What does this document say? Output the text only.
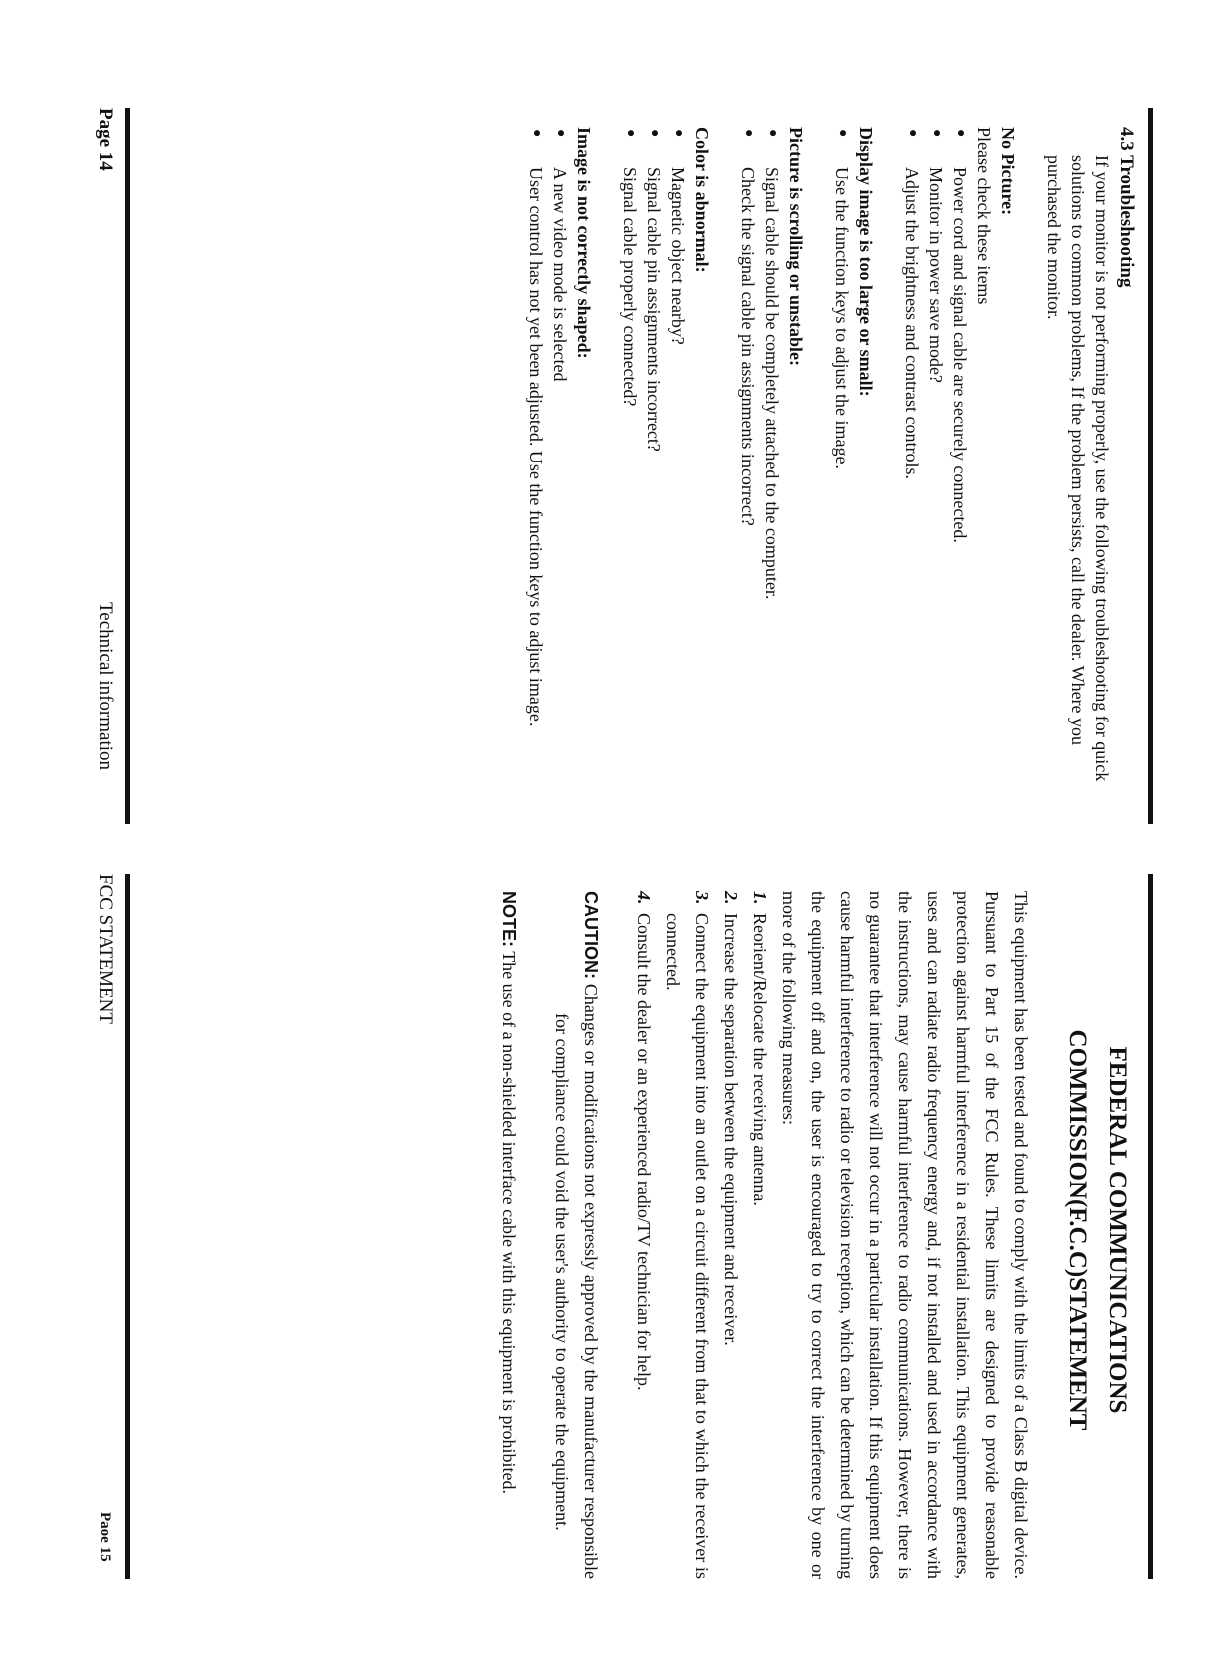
4.3 Troubleshooting
If your monitor is not performing properly, use the following troubleshooting for quick solutions to common problems, If the problem persists, call the dealer. Where you purchased the monitor.
No Picture:
Please check these items
● Power cord and signal cable are securely connected.
● Monitor in power save mode?
● Adjust the brightness and contrast controls.
Display image is too large or small:
● Use the function keys to adjust the image.
Picture is scrolling or unstable:
● Signal cable should be completely attached to the computer.
● Check the signal cable pin assignments incorrect?
Color is abnormal:
● Magnetic object nearby?
● Signal cable pin assignments incorrect?
● Signal cable properly connected?
Image is not correctly shaped:
● A new video mode is selected
● User control has not yet been adjusted. Use the function keys to adjust image.
Page 14
Technical information
FEDERAL COMMUNICATIONS
COMMISSION(F.C.C)STATEMENT
This equipment has been tested and found to comply with the limits of a Class B digital device. Pursuant to Part 15 of the FCC Rules. These limits are designed to provide reasonable protection against harmful interference in a residential installation. This equipment generates, uses and can radiate radio frequency energy and, if not installed and used in accordance with the instructions, may cause harmful interference to radio communications. However, there is no guarantee that interference will not occur in a particular installation. If this equipment does cause harmful interference to radio or television reception, which can be determined by turning the equipment off and on, the user is encouraged to try to correct the interference by one or more of the following measures:
1.
Reorient/Relocate the receiving antenna.
2.
Increase the separation between the equipment and receiver.
3.
Connect the equipment into an outlet on a circuit different from that to which the receiver is connected.
4.
Consult the dealer or an experienced radio/TV technician for help.
CAUTION: Changes or modifications not expressly approved by the manufacturer responsible for compliance could void the user's authority to operate the equipment.
NOTE: The use of a non-shielded interface cable with this equipment is prohibited.
FCC STATEMENT
Paoe 15
